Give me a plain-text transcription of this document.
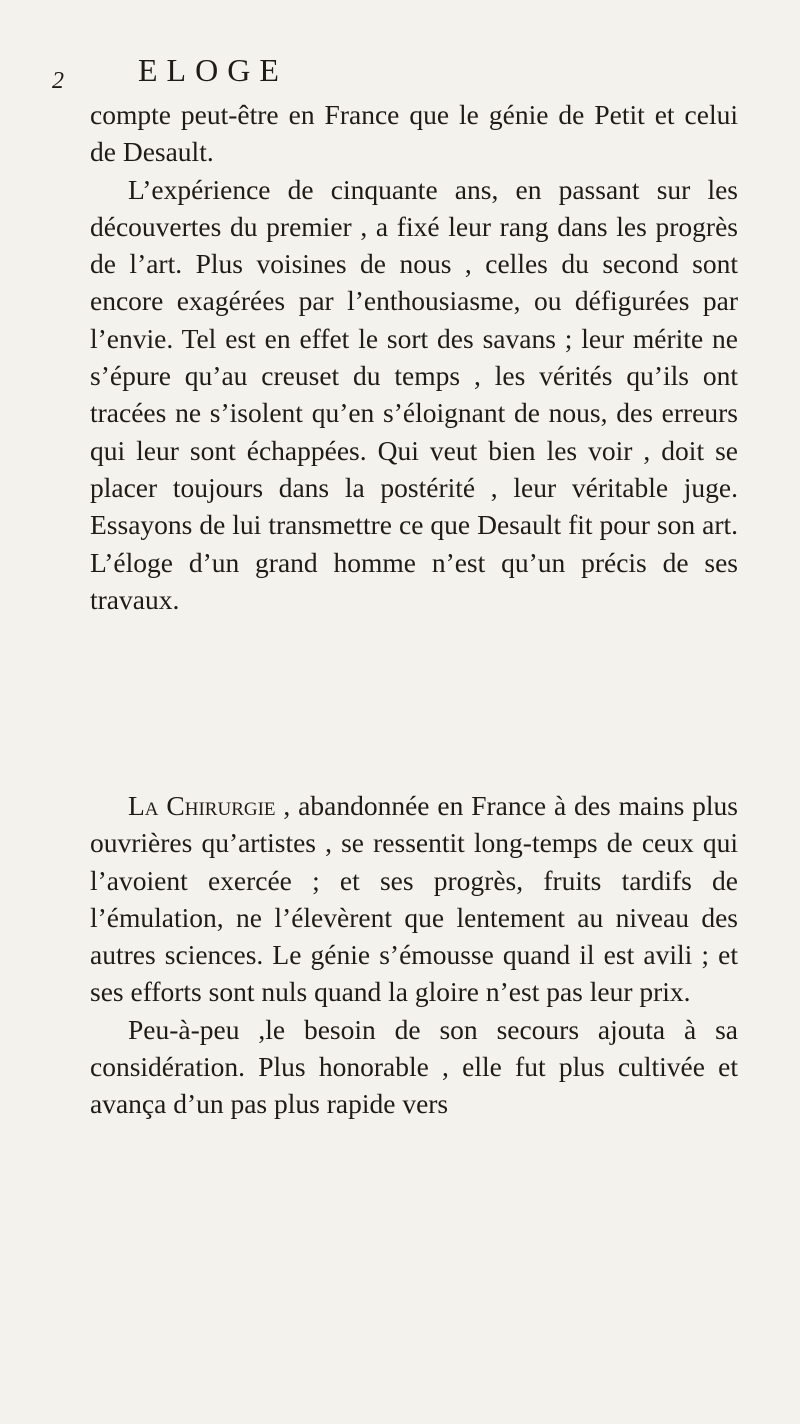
2 ELOGE

compte peut-être en France que le génie de Petit et celui de Desault.

L’expérience de cinquante ans, en passant sur les découvertes du premier , a fixé leur rang dans les progrès de l’art. Plus voisines de nous , celles du second sont encore exagérées par l’enthousiasme, ou défigurées par l’envie. Tel est en effet le sort des savans ; leur mérite ne s’épure qu’au creuset du temps , les vérités qu’ils ont tracées ne s’isolent qu’en s’éloignant de nous, des erreurs qui leur sont échappées. Qui veut bien les voir , doit se placer toujours dans la postérité , leur véritable juge. Essayons de lui transmettre ce que Desault fit pour son art. L’éloge d’un grand homme n’est qu’un précis de ses travaux.

La Chirurgie , abandonnée en France à des mains plus ouvrières qu’artistes , se ressentit long-temps de ceux qui l’avoient exercée ; et ses progrès, fruits tardifs de l’émulation, ne l’élevèrent que lentement au niveau des autres sciences. Le génie s’émousse quand il est avili ; et ses efforts sont nuls quand la gloire n’est pas leur prix.

Peu-à-peu ,le besoin de son secours ajouta à sa considération. Plus honorable , elle fut plus cultivée et avança d’un pas plus rapide vers
